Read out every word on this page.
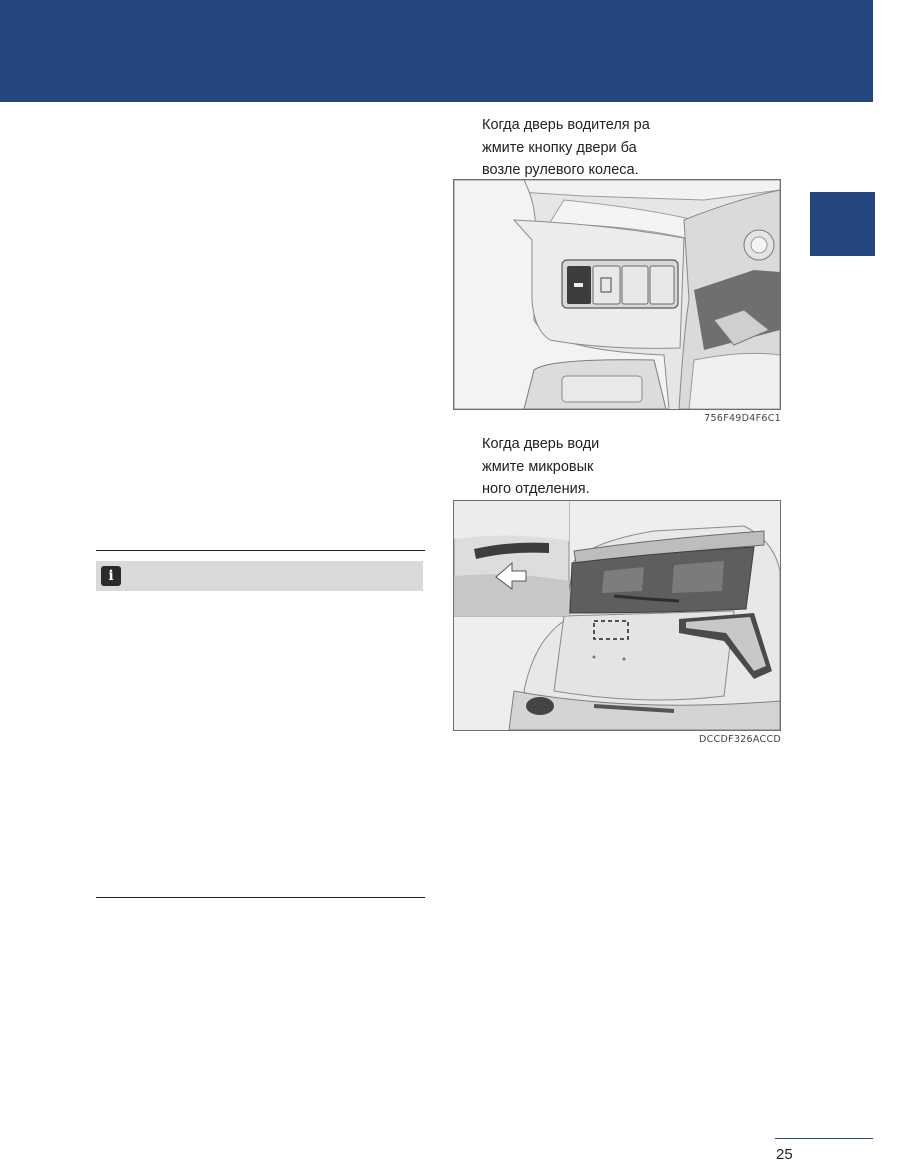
Когда дверь водителя ра
жмите кнопку двери ба
возле рулевого колеса.

756F49D4F6C1

Когда дверь води
жмите микровык
ного отделения.

DCCDF326ACCD
i
25
